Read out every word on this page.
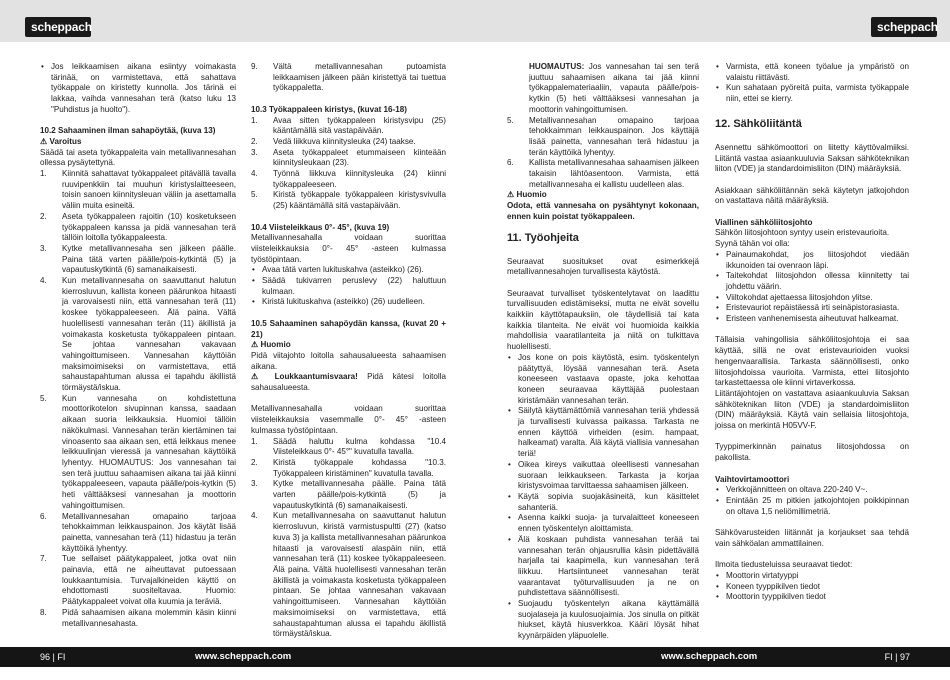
scheppach	scheppach
• Jos leikkaamisen aikana esiintyy voimakasta tärinää, on varmistettava, että sahattava työkappale on kiristetty kunnolla. Jos tärinä ei lakkaa, vaihda vannesahan terä (katso luku 13 "Puhdistus ja huolto").
10.2 Sahaaminen ilman sahapöytää, (kuva 13)
⚠ Varoitus

Säädä tai aseta työkappaleita vain metallivannesahan ollessa pysäytettynä.

1. Kiinnitä sahattavat työkappaleet pitävällä tavalla ruuvipenkkiin tai muuhun kiristyslaitteeseen, toisin sanoen kiinnitysleuan väliin ja asettamalla väliin muita esineitä.
2. Aseta työkappaleen rajoitin (10) kosketukseen työkappaleen kanssa ja pidä vannesahan terä tällöin loitolla työkappaleesta.
3. Kytke metallivannesaha sen jälkeen päälle. Paina tätä varten päälle/pois-kytkintä (5) ja vapautuskytkintä (6) samanaikaisesti.
4. Kun metallivannesaha on saavuttanut halutun kierrosluvun, kallista koneen päärunkoa hitaasti ja varovaisesti niin, että vannesahan terä (11) koskee työkappaleeseen. Älä paina. Vältä huolellisesti vannesahan terän (11) äkillistä ja voimakasta kosketusta työkappaleen pintaan. Se johtaa vannesahan vakavaan vahingoittumiseen. Vannesahan käyttöiän maksimoimiseksi on varmistettava, että sahaustapahtuman alussa ei tapahdu äkillistä törmäystä/iskua.
5. Kun vannesaha on kohdistettuna moottorikotelon sivupinnan kanssa, saadaan aikaan suoria leikkauksia. Huomioi tällöin näkökulmasi. Vannesahan terän kiertäminen tai vinoasento saa aikaan sen, että leikkaus menee leikkuulinjan vieressä ja vannesahan käyttöikä lyhentyy. HUOMAUTUS: Jos vannesahan tai sen terä juuttuu sahaamisen aikana tai jää kiinni työkappaleeseen, vapauta päälle/pois-kytkin (5) heti välttääksesi vannesahan ja moottorin vahingoittumisen.
6. Metallivannesahan omapaino tarjoaa tehokkaimman leikkauspainon. Jos käytät lisää painetta, vannesahan terä (11) hidastuu ja terän käyttöikä lyhentyy.
7. Tue sellaiset päätykappaleet, jotka ovat niin painavia, että ne aiheuttavat putoessaan loukkaantumisia. Turvajalkineiden käyttö on ehdottomasti suositeltavaa. Huomio: Päätykappaleet voivat olla kuumia ja teräviä.
8. Pidä sahaamisen aikana molemmin käsin kiinni metallivannesahasta.
9. Vältä metallivannesahan putoamista leikkaamisen jälkeen pään kiristettyä tai tuettua työkappaletta.
10.3 Työkappaleen kiristys, (kuvat 16-18)
1. Avaa sitten työkappaleen kiristysvipu (25) kääntämällä sitä vastapäivään.
2. Vedä liikkuva kiinnitysleuka (24) taakse.
3. Aseta työkappaleet etummaiseen kiinteään kiinnitysleukaan (23).
4. Työnnä liikkuva kiinnitysleuka (24) kiinni työkappaleeseen.
5. Kiristä työkappale työkappaleen kiristysvivulla (25) kääntämällä sitä vastapäivään.
10.4 Viisteleikkaus 0°- 45°, (kuva 19)
Metallivannesahalla voidaan suorittaa viisteleikkauksia 0°- 45° -asteen kulmassa työstöpintaan.
• Avaa tätä varten lukituskahva (asteikko) (26).
• Säädä tukivarren peruslevy (22) haluttuun kulmaan.
• Kiristä lukituskahva (asteikko) (26) uudelleen.
10.5 Sahaaminen sahapöydän kanssa, (kuvat 20 + 21)
⚠ Huomio
Pidä viitajohto loitolla sahausalueesta sahaamisen aikana.

⚠ Loukkaantumisvaara! Pidä kätesi loitolla sahausalueesta.

Metallivannesahalla voidaan suorittaa viisteleikkauksia vasemmalle 0°- 45° -asteen kulmassa työstöpintaan.

1. Säädä haluttu kulma kohdassa "10.4 Viisteleikkaus 0°- 45°" kuvatulla tavalla.
2. Kiristä työkappale kohdassa "10.3. Työkappaleen kiristäminen" kuvatulla tavalla.
3. Kytke metallivannesaha päälle. Paina tätä varten päälle/pois-kytkintä (5) ja vapautuskytkintä (6) samanaikaisesti.
4. Kun metallivannesaha on saavuttanut halutun kierrosluvun, kiristä varmistuspultti (27) (katso kuva 3) ja kallista metallivannesahan päärunkoa hitaasti ja varovaisesti alaspäin niin, että vannesahan terä (11) koskee työkappaleeseen. Älä paina. Vältä huolellisesti vannesahan terän äkillistä ja voimakasta kosketusta työkappaleen pintaan. Se johtaa vannesahan vakavaan vahingoittumiseen. Vannesahan käyttöiän maksimoimiseksi on varmistettava, että sahaustapahtuman alussa ei tapahdu äkillistä törmäystä/iskua.
HUOMAUTUS: Jos vannesahan tai sen terä juuttuu sahaamisen aikana tai jää kiinni työkappalemateriaaliin, vapauta päälle/pois-kytkin (5) heti välttääksesi vannesahan ja moottorin vahingoittumisen.
5. Metallivannesahan omapaino tarjoaa tehokkaimman leikkauspainon. Jos käyttäjä lisää painetta, vannesahan terä hidastuu ja terän käyttöikä lyhentyy.
6. Kallista metallivannesahaa sahaamisen jälkeen takaisin lähtöasentoon. Varmista, että metallivannesaha ei kallistu uudelleen alas.
⚠ Huomio
Odota, että vannesaha on pysähtynyt kokonaan, ennen kuin poistat työkappaleen.
11. Työohjeita

Seuraavat suositukset ovat esimerkkejä metallivannesahojen turvallisesta käytöstä.

Seuraavat turvalliset työskentelytavat on laadittu turvallisuuden edistämiseksi, mutta ne eivät sovellu kaikkiin käyttötapauksiin, ole täydellisiä tai kata kaikkia tilanteita. Ne eivät voi huomioida kaikkia mahdollisia vaaratilanteita ja niitä on tulkittava huolellisesti.

• Jos kone on pois käytöstä, esim. työskentelyn päätyttyä, löysää vannesahan terä. Aseta koneeseen vastaava opaste, joka kehottaa koneen seuraavaa käyttäjää puolestaan kiristämään vannesahan terän.
• Säilytä käyttämättömiä vannesahan teriä yhdessä ja turvallisesti kuivassa paikassa. Tarkasta ne ennen käyttöä virheiden (esim. hampaat, halkeamat) varalta. Älä käytä viallisia vannesahan teriä!
• Oikea kireys vaikuttaa oleellisesti vannesahan suoraan leikkaukseen. Tarkasta ja korjaa kiristysvoimaa tarvittaessa sahaamisen jälkeen.
• Käytä sopivia suojakäsineitä, kun käsittelet sahanteriä.
• Asenna kaikki suoja- ja turvalaitteet koneeseen ennen työskentelyn aloittamista.
• Älä koskaan puhdista vannesahan terää tai vannesahan terän ohjausrullia käsin pidettävällä harjalla tai kaapimella, kun vannesahan terä liikkuu. Hartsiintuneet vannesahan terät vaarantavat työturvallisuuden ja ne on puhdistettava säännöllisesti.
• Suojaudu työskentelyn aikana käyttämällä suojalaseja ja kuulosuojaimia. Jos sinulla on pitkät hiukset, käytä hiusverkkoa. Kääri löysät hihat kyynärpäiden yläpuolelle.
• Varmista, että koneen työalue ja ympäristö on valaistu riittävästi.
• Kun sahataan pyöreitä puita, varmista työkappale niin, ettei se kierry.
12. Sähköliitäntä

Asennettu sähkömoottori on liitetty käyttövalmiiksi. Liitäntä vastaa asiaankuuluvia Saksan sähköteknikan liiton (VDE) ja standardoimisliiton (DIN) määräyksiä.

Asiakkaan sähköliitännän sekä käytetyn jatkojohdon on vastattava näitä määräyksiä.

Viallinen sähköliitosjohto
Sähkön liitosjohtoon syntyy usein eristevaurioita.
Syynä tähän voi olla:
• Painaumakohdat, jos liitosjohdot viedään ikkunoiden tai ovenraon läpi.
• Taitekohdat liitosjohdon ollessa kiinnitetty tai johdettu väärin.
• Viiltokohdat ajettaessa liitosjohdon ylitse.
• Eristevauriot repäistäessä irti seinäpistorasiasta.
• Eristeen vanhenemisesta aiheutuvat halkeamat.
Tällaisia vahingollisia sähköliitosjohtoja ei saa käyttää, sillä ne ovat eristevaurioiden vuoksi hengenvaarallisia. Tarkasta säännöllisesti, onko liitosjohdoissa vaurioita. Varmista, ettei liitosjohto tarkastettaessa ole kiinni virtaverkossa.

Liitäntäjohtojen on vastattava asiaankuuluvia Saksan sähköteknikan liiton (VDE) ja standardoimisliiton (DIN) määräyksiä. Käytä vain sellaisia liitosjohtoja, joissa on merkintä H05VV-F.

Tyyppimerkinnän painatus liitosjohdossa on pakollista.

Vaihtovirtamoottori
• Verkkojännitteen on oltava 220-240 V~.
• Enintään 25 m pitkien jatkojohtojen poikkipinnan on oltava 1,5 neliömillimetriä.

Sähkövarusteiden liitännät ja korjaukset saa tehdä vain sähköalan ammattilainen.

Ilmoita tiedusteluissa seuraavat tiedot:
• Moottorin virtatyyppi
• Koneen tyyppikilven tiedot
• Moottorin tyyppikilven tiedot
96 | FI	www.scheppach.com	www.scheppach.com	FI | 97
